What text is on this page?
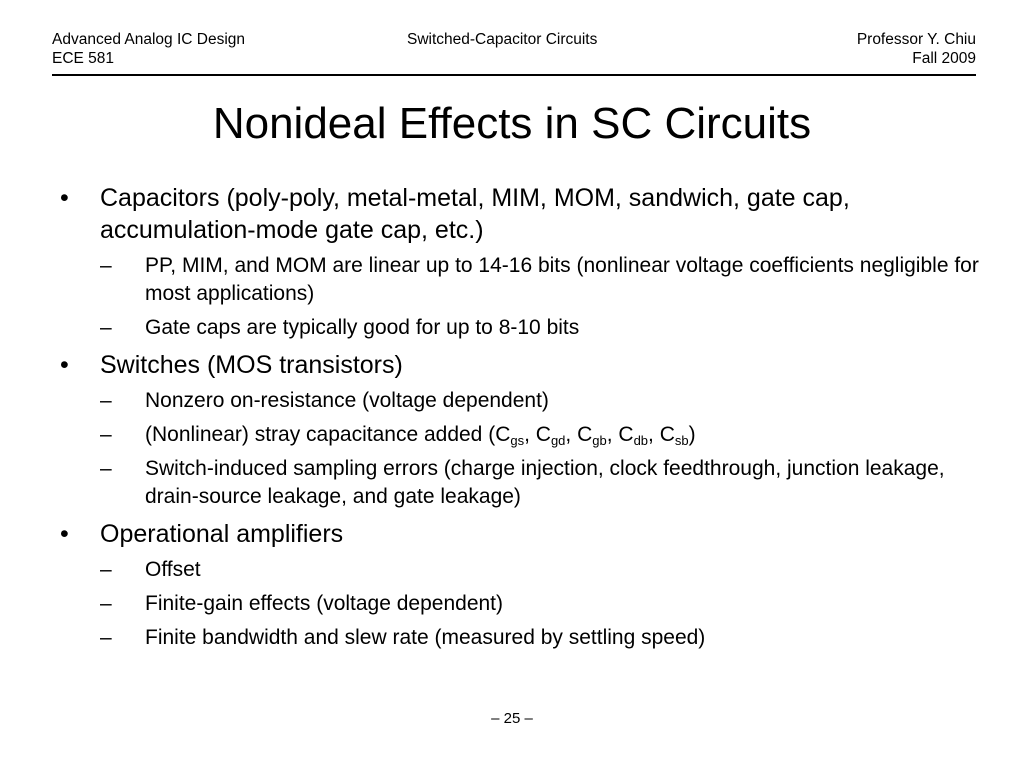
Advanced Analog IC Design
ECE 581
Switched-Capacitor Circuits	Professor Y. Chiu
Fall 2009
Nonideal Effects in SC Circuits
• Capacitors (poly-poly, metal-metal, MIM, MOM, sandwich, gate cap, accumulation-mode gate cap, etc.)
– PP, MIM, and MOM are linear up to 14-16 bits (nonlinear voltage coefficients negligible for most applications)
– Gate caps are typically good for up to 8-10 bits
• Switches (MOS transistors)
– Nonzero on-resistance (voltage dependent)
– (Nonlinear) stray capacitance added ($C_{gs}$, $C_{gd}$, $C_{gb}$, $C_{db}$, $C_{sb}$)
– Switch-induced sampling errors (charge injection, clock feedthrough, junction leakage, drain-source leakage, and gate leakage)
• Operational amplifiers
– Offset
– Finite-gain effects (voltage dependent)
– Finite bandwidth and slew rate (measured by settling speed)
– 25 –
